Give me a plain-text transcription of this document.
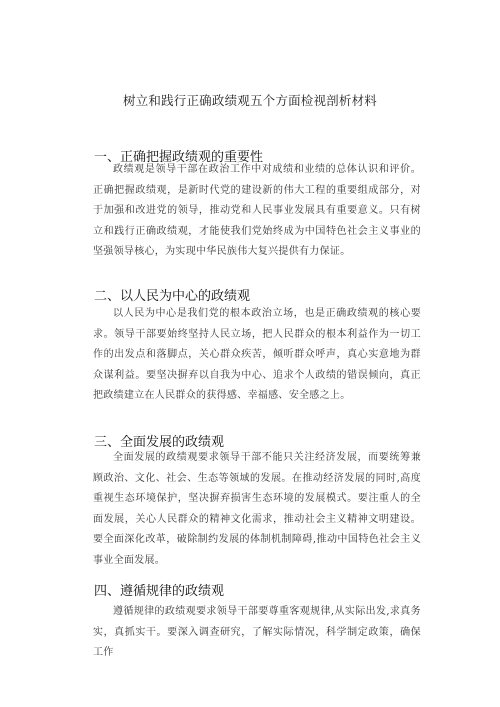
树立和践行正确政绩观五个方面检视剖析材料
一、正确把握政绩观的重要性
政绩观是领导干部在政治工作中对成绩和业绩的总体认识和评价。正确把握政绩观，是新时代党的建设新的伟大工程的重要组成部分，对于加强和改进党的领导，推动党和人民事业发展具有重要意义。只有树立和践行正确政绩观，才能使我们党始终成为中国特色社会主义事业的坚强领导核心，为实现中华民族伟大复兴提供有力保证。
二、以人民为中心的政绩观
以人民为中心是我们党的根本政治立场，也是正确政绩观的核心要求。领导干部要始终坚持人民立场，把人民群众的根本利益作为一切工作的出发点和落脚点，关心群众疾苦，倾听群众呼声，真心实意地为群众谋利益。要坚决摒弃以自我为中心、追求个人政绩的错误倾向，真正把政绩建立在人民群众的获得感、幸福感、安全感之上。
三、全面发展的政绩观
全面发展的政绩观要求领导干部不能只关注经济发展，而要统筹兼顾政治、文化、社会、生态等领域的发展。在推动经济发展的同时,高度重视生态环境保护，坚决摒弃损害生态环境的发展模式。要注重人的全面发展，关心人民群众的精神文化需求，推动社会主义精神文明建设。要全面深化改革，破除制约发展的体制机制障碍,推动中国特色社会主义事业全面发展。
四、遵循规律的政绩观
遵循规律的政绩观要求领导干部要尊重客观规律,从实际出发,求真务实，真抓实干。要深入调查研究，了解实际情况，科学制定政策，确保工作
